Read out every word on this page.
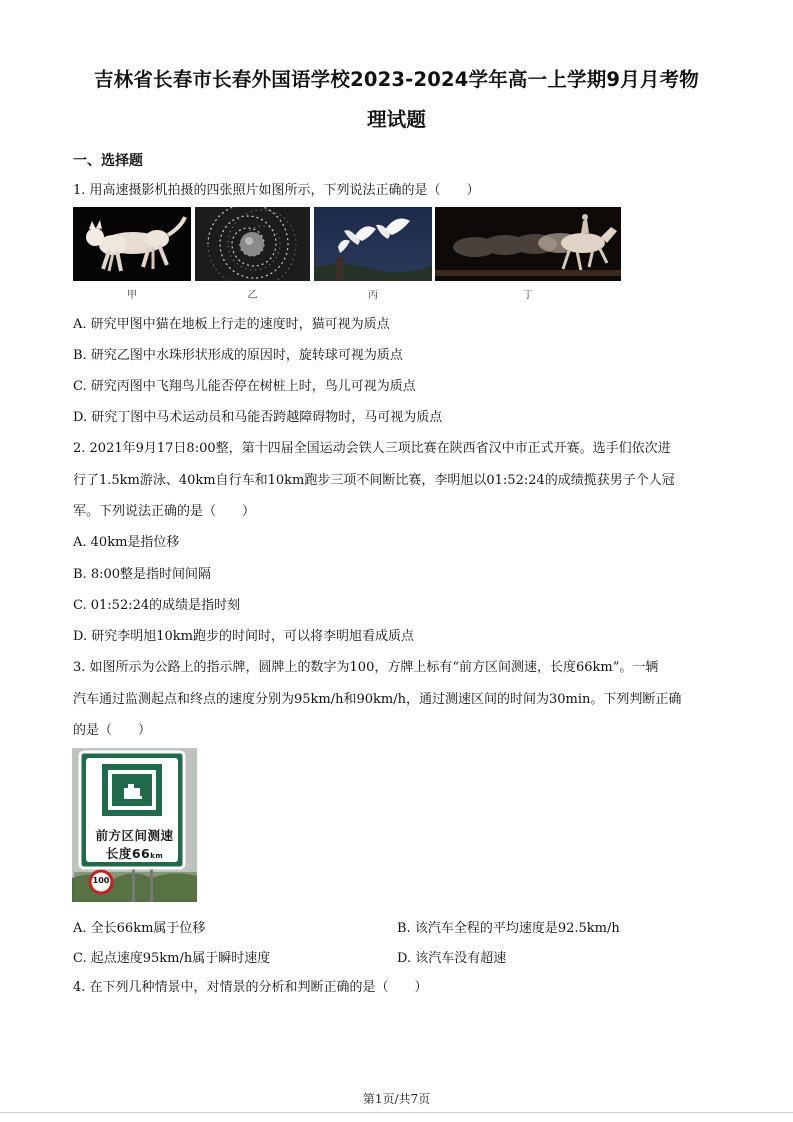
吉林省长春市长春外国语学校2023-2024学年高一上学期9月月考物
理试题
一、选择题
1. 用高速摄影机拍摄的四张照片如图所示，下列说法正确的是（　　）
甲	乙	丙	丁
A. 研究甲图中猫在地板上行走的速度时，猫可视为质点
B. 研究乙图中水珠形状形成的原因时，旋转球可视为质点
C. 研究丙图中飞翔鸟儿能否停在树桩上时，鸟儿可视为质点
D. 研究丁图中马术运动员和马能否跨越障碍物时，马可视为质点
2. 2021年9月17日8:00整，第十四届全国运动会铁人三项比赛在陕西省汉中市正式开赛。选手们依次进
行了1.5km游泳、40km自行车和10km跑步三项不间断比赛，李明旭以01:52:24的成绩揽获男子个人冠
军。下列说法正确的是（　　）
A. 40km是指位移
B. 8:00整是指时间间隔
C. 01:52:24的成绩是指时刻
D. 研究李明旭10km跑步的时间时，可以将李明旭看成质点
3. 如图所示为公路上的指示牌，圆牌上的数字为100，方牌上标有“前方区间测速，长度66km”。一辆
汽车通过监测起点和终点的速度分别为95km/h和90km/h，通过测速区间的时间为30min。下列判断正确
的是（　　）
前方区间测速
长度66km
100
A. 全长66km属于位移	B. 该汽车全程的平均速度是92.5km/h
C. 起点速度95km/h属于瞬时速度	D. 该汽车没有超速
4. 在下列几种情景中，对情景的分析和判断正确的是（　　）
第1页/共7页
